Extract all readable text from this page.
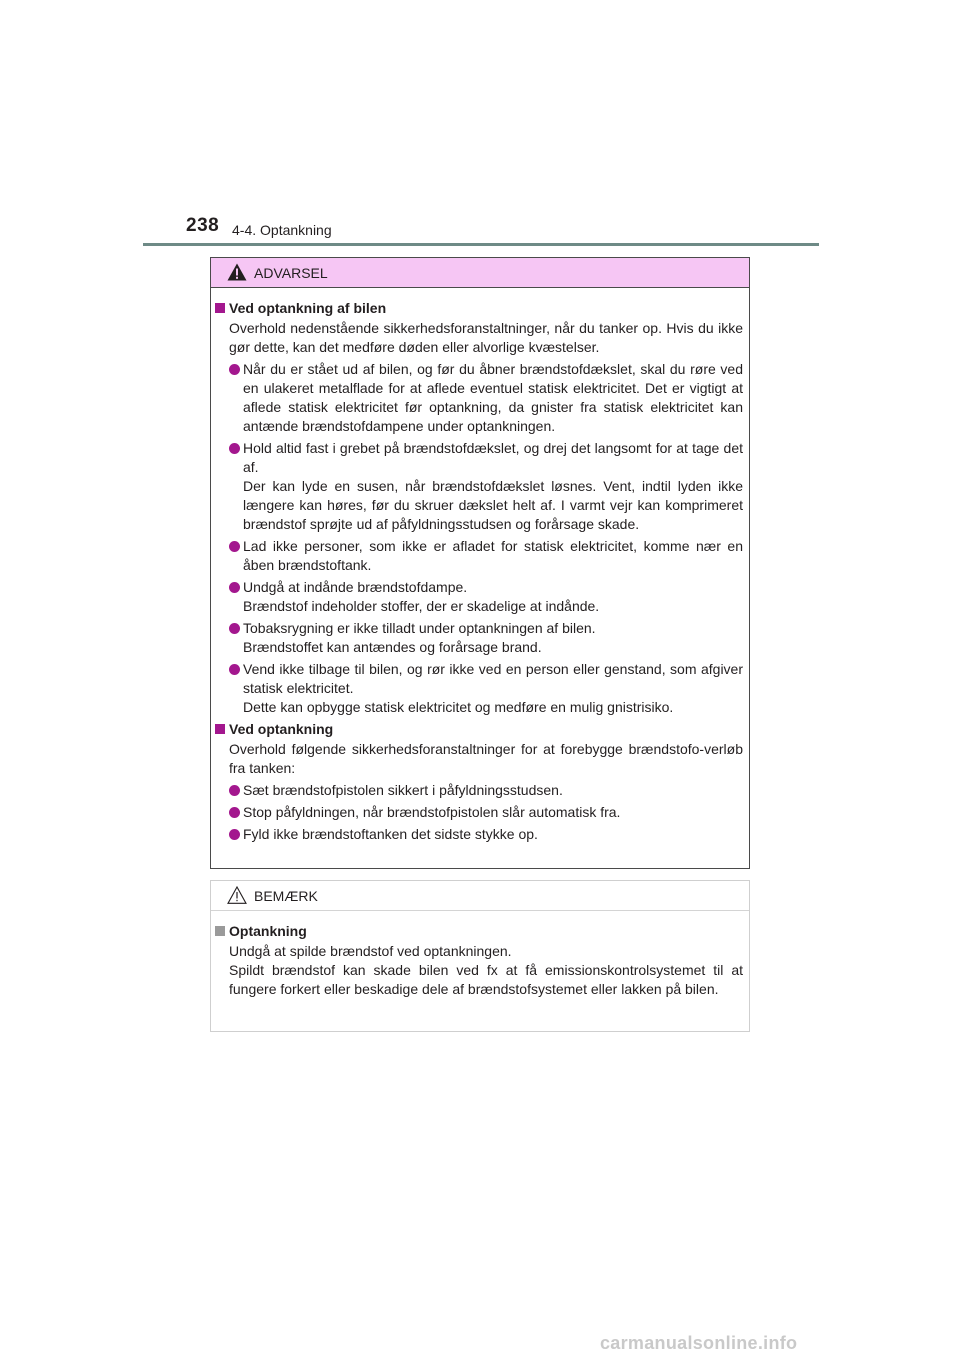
238 4-4. Optankning
ADVARSEL
Ved optankning af bilen
Overhold nedenstående sikkerhedsforanstaltninger, når du tanker op. Hvis du ikke gør dette, kan det medføre døden eller alvorlige kvæstelser.
Når du er stået ud af bilen, og før du åbner brændstofdækslet, skal du røre ved en ulakeret metalflade for at aflede eventuel statisk elektricitet. Det er vigtigt at aflede statisk elektricitet før optankning, da gnister fra statisk elektricitet kan antænde brændstofdampene under optankningen.
Hold altid fast i grebet på brændstofdækslet, og drej det langsomt for at tage det af.
Der kan lyde en susen, når brændstofdækslet løsnes. Vent, indtil lyden ikke længere kan høres, før du skruer dækslet helt af. I varmt vejr kan komprimeret brændstof sprøjte ud af påfyldningsstudsen og forårsage skade.
Lad ikke personer, som ikke er afladet for statisk elektricitet, komme nær en åben brændstoftank.
Undgå at indånde brændstofdampe.
Brændstof indeholder stoffer, der er skadelige at indånde.
Tobaksrygning er ikke tilladt under optankningen af bilen.
Brændstoffet kan antændes og forårsage brand.
Vend ikke tilbage til bilen, og rør ikke ved en person eller genstand, som afgiver statisk elektricitet.
Dette kan opbygge statisk elektricitet og medføre en mulig gnistrisiko.
Ved optankning
Overhold følgende sikkerhedsforanstaltninger for at forebygge brændstofo-verløb fra tanken:
Sæt brændstofpistolen sikkert i påfyldningsstudsen.
Stop påfyldningen, når brændstofpistolen slår automatisk fra.
Fyld ikke brændstoftanken det sidste stykke op.
BEMÆRK
Optankning
Undgå at spilde brændstof ved optankningen.
Spildt brændstof kan skade bilen ved fx at få emissionskontrolsystemet til at fungere forkert eller beskadige dele af brændstofsystemet eller lakken på bilen.
carmanualsonline.info
